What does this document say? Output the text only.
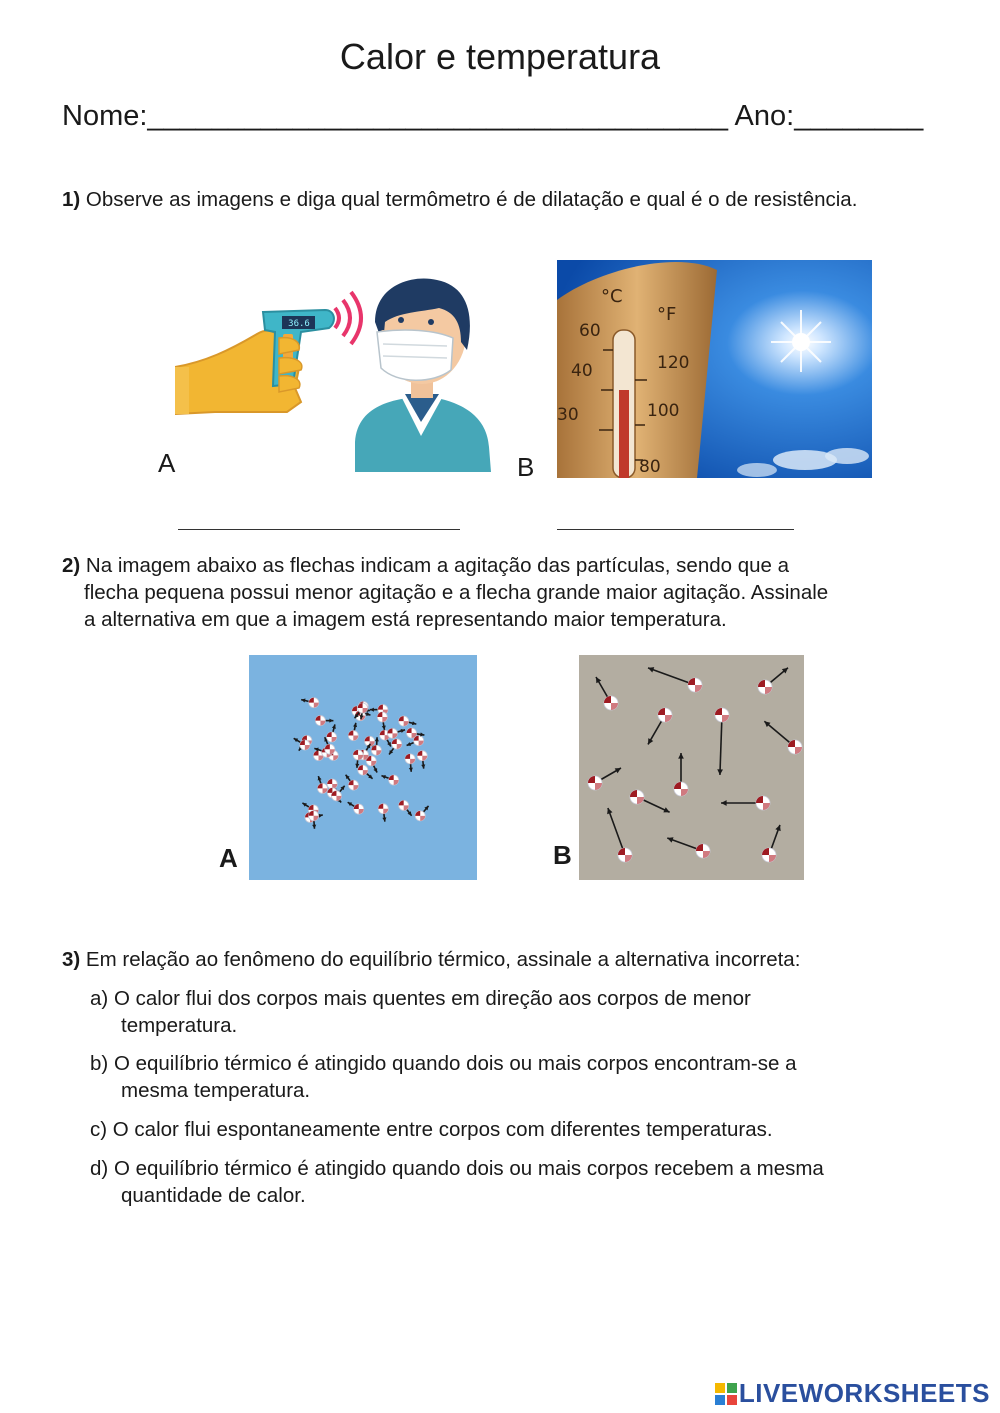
Calor e temperatura
Nome:____________________________________ Ano:________
1) Observe as imagens e diga qual termômetro é de dilatação e qual é o de resistência.
36.6
A
°C
°F
60
40
30
120
100
80
B
2) Na imagem abaixo as flechas indicam a agitação das partículas, sendo que a
flecha pequena possui menor agitação e a flecha grande maior agitação. Assinale
a alternativa em que a imagem está representando maior temperatura.
A	B
3) Em relação ao fenômeno do equilíbrio térmico, assinale a alternativa incorreta:
a) O calor flui dos corpos mais quentes em direção aos corpos de menor
temperatura.
b) O equilíbrio térmico é atingido quando dois ou mais corpos encontram-se a
mesma temperatura.
c) O calor flui espontaneamente entre corpos com diferentes temperaturas.
d) O equilíbrio térmico é atingido quando dois ou mais corpos recebem a mesma
quantidade de calor.
LIVEWORKSHEETS
